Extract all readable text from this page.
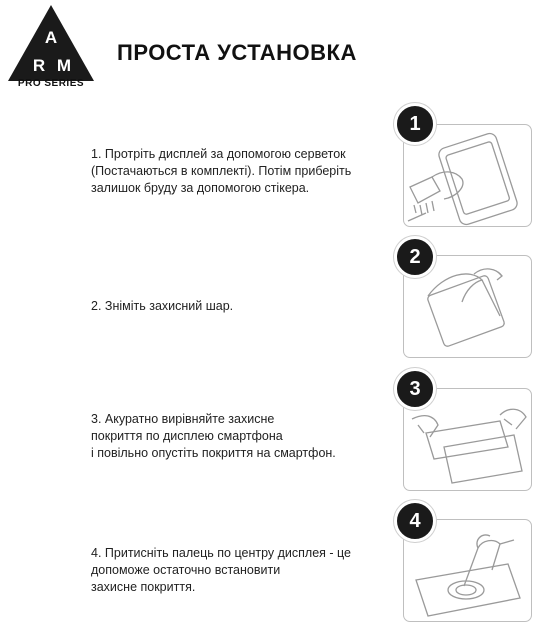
A
R M
PRO SERIES
ПРОСТА УСТАНОВКА
1. Протріть дисплей за допомогою серветок
(Постачаються в комплекті). Потім приберіть
залишок бруду за допомогою стікера.
1
2. Зніміть захисний шар.
2
3. Акуратно вирівняйте захисне
покриття по дисплею смартфона
і повільно опустіть покриття на смартфон.
3
4. Притисніть палець по центру дисплея - це
допоможе остаточно встановити
захисне покриття.
4
